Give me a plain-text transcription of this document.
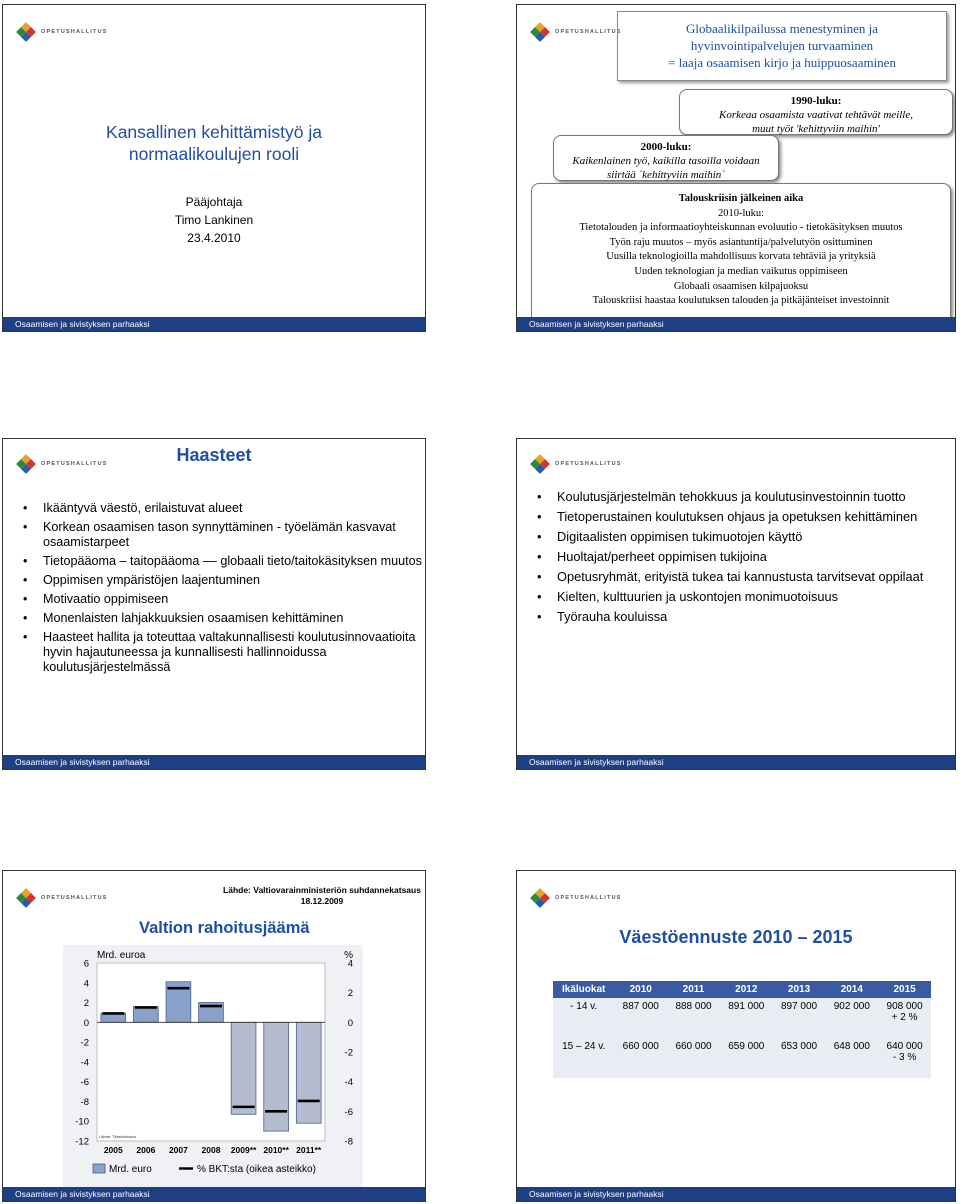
OPETUSHALLITUS
Kansallinen kehittämistyö ja
normaalikoulujen rooli
Pääjohtaja
Timo Lankinen
23.4.2010
Osaamisen ja sivistyksen parhaaksi
OPETUSHALLITUS	Globaalikilpailussa menestyminen ja
hyvinvointipalvelujen turvaaminen
= laaja osaamisen kirjo ja huippuosaaminen
1990-luku:
Korkeaa osaamista vaativat tehtävät meille,
muut työt 'kehittyviin maihin'
2000-luku:
Kaikenlainen työ, kaikilla tasoilla voidaan
siirtää ´kehittyviin maihin`
Talouskriisin jälkeinen aika
2010-luku:
Tietotalouden ja informaatioyhteiskunnan evoluutio - tietokäsityksen muutos
Työn raju muutos – myös asiantuntija/palvelutyön osittuminen
Uusilla teknologioilla mahdollisuus korvata tehtäviä ja yrityksiä
Uuden teknologian ja median vaikutus oppimiseen
Globaali osaamisen kilpajuoksu
Talouskriisi haastaa koulutuksen talouden ja pitkäjänteiset investoinnit
Osaamisen ja sivistyksen parhaaksi
OPETUSHALLITUS	Haasteet
• Ikääntyvä väestö, erilaistuvat alueet
• Korkean osaamisen tason synnyttäminen - työelämän kasvavat osaamistarpeet
• Tietopääoma – taitopääoma –– globaali tieto/taitokäsityksen muutos
• Oppimisen ympäristöjen laajentuminen
• Motivaatio oppimiseen
• Monenlaisten lahjakkuuksien osaamisen kehittäminen
• Haasteet hallita ja toteuttaa valtakunnallisesti koulutusinnovaatioita hyvin hajautuneessa ja kunnallisesti hallinnoidussa koulutusjärjestelmässä
Osaamisen ja sivistyksen parhaaksi
OPETUSHALLITUS
• Koulutusjärjestelmän tehokkuus ja koulutusinvestoinnin tuotto
• Tietoperustainen koulutuksen ohjaus ja opetuksen kehittäminen
• Digitaalisten oppimisen tukimuotojen käyttö
• Huoltajat/perheet oppimisen tukijoina
• Opetusryhmät, erityistä tukea tai kannustusta tarvitsevat oppilaat
• Kielten, kulttuurien ja uskontojen monimuotoisuus
• Työrauha kouluissa
Osaamisen ja sivistyksen parhaaksi
OPETUSHALLITUS
Lähde: Valtiovarainministeriön suhdannekatsaus
18.12.2009
Valtion rahoitusjäämä
Mrd. euroa	%
6
4
2
0
-2
-4
-6
-8
-10
-12
4
2
0
-2
-4
-6
-8
2005 2006 2007 2008 2009** 2010** 2011**
Lähde: Tilastokeskus
Mrd. euro	% BKT:sta (oikea asteikko)
Osaamisen ja sivistyksen parhaaksi
OPETUSHALLITUS
Väestöennuste 2010 – 2015
Ikäluokat	2010	2011	2012	2013	2014	2015
- 14 v.	887 000	888 000	891 000	897 000	902 000	908 000
+ 2 %
15 – 24 v.	660 000	660 000	659 000	653 000	648 000	640 000
- 3 %
Osaamisen ja sivistyksen parhaaksi
